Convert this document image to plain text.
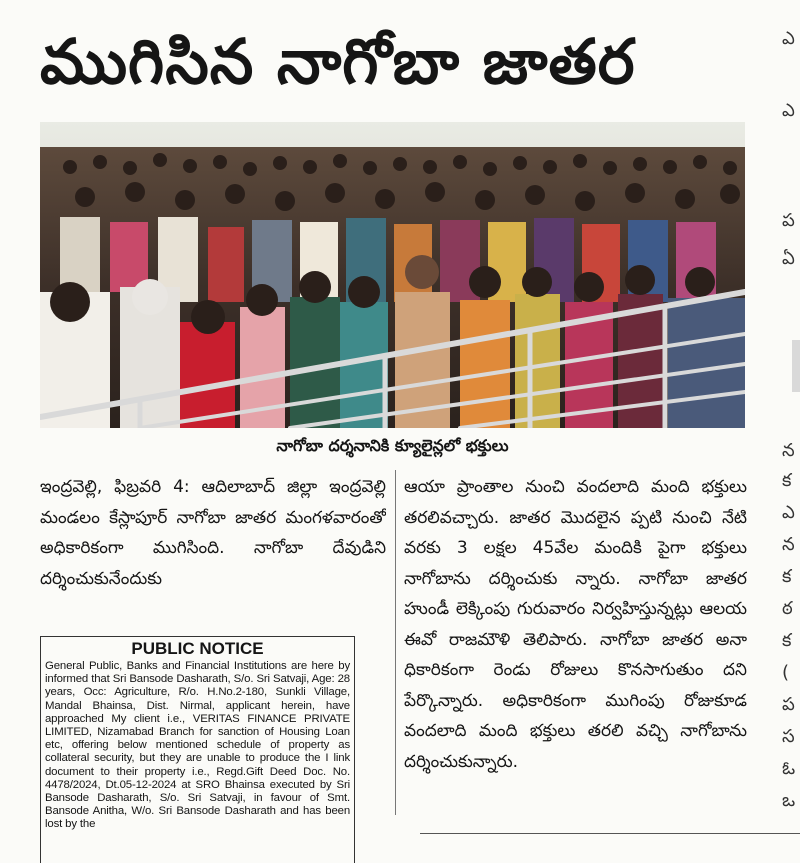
ముగిసిన నాగోబా జాతర
నాగోబా దర్శనానికి క్యూలైన్లలో భక్తులు
ఇంద్రవెల్లి, ఫిబ్రవరి 4: ఆదిలాబాద్ జిల్లా ఇంద్రవెల్లి మండలం కేస్లాపూర్ నాగోబా జాతర మంగళవారంతో అధికారికంగా ముగిసింది. నాగోబా దేవుడిని దర్శించుకునేందుకు
ఆయా ప్రాంతాల నుంచి వందలాది మంది భక్తులు తరలివచ్చారు. జాతర మొదలైన ప్పటి నుంచి నేటి వరకు 3 లక్షల 45వేల మందికి పైగా భక్తులు నాగోబాను దర్శించుకు న్నారు. నాగోబా జాతర హుండీ లెక్కింపు గురువారం నిర్వహిస్తున్నట్లు ఆలయ ఈవో రాజమౌళి తెలిపారు. నాగోబా జాతర అనా ధికారికంగా రెండు రోజులు కొనసాగుతుం దని పేర్కొన్నారు. అధికారికంగా ముగింపు రోజుకూడ వందలాది మంది భక్తులు తరలి వచ్చి నాగోబాను దర్శించుకున్నారు.
PUBLIC NOTICE
General Public, Banks and Financial Institutions are here by informed that Sri Bansode Dasharath, S/o. Sri Satvaji, Age: 28 years, Occ: Agriculture, R/o. H.No.2-180, Sunkli Village, Mandal Bhainsa, Dist. Nirmal, applicant herein, have approached My client i.e., VERITAS FINANCE PRIVATE LIMITED, Nizamabad Branch for sanction of Housing Loan etc, offering below mentioned schedule of property as collateral security, but they are unable to produce the I link document to their property i.e., Regd.Gift Deed Doc. No. 4478/2024, Dt.05-12-2024 at SRO Bhainsa executed by Sri Bansode Dasharath, S/o. Sri Satvaji, in favour of Smt. Bansode Anitha, W/o. Sri Bansode Dasharath and has been lost by the
ఎ
ఎ
ప
ఏ
న
క
ఎ
న
క
ఠ
క
(
ప
స
ఓ
ఒ
